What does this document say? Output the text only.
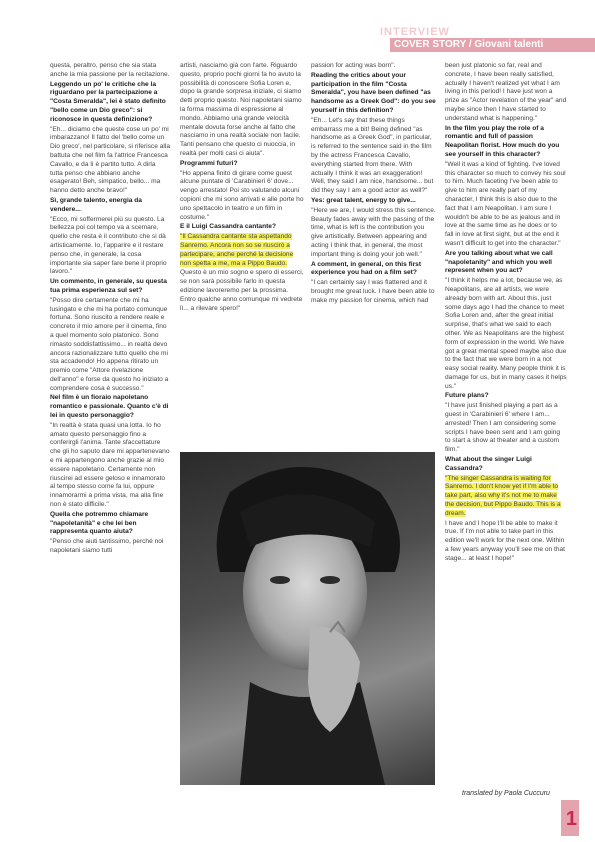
INTERVIEW
COVER STORY / Giovani talenti

questa, peraltro, penso che sia stata anche la mia passione per la recitazione.

Leggendo un po' le critiche che la riguardano per la partecipazione a "Costa Smeralda", lei è stato definito "bello come un Dio greco": si riconosce in questa definizione?

"Eh... diciamo che queste cose un po' mi imbarazzano! Il fatto del 'bello come un Dio greco', nel particolare, si riferisce alla battuta che nel film fa l'attrice Francesca Cavallo, e da lì è partito tutto. A dirla tutta penso che abbiano anche esagerato! Beh, simpatico, bello... ma hanno detto anche bravo!"

Sì, grande talento, energia da vendere...

"Ecco, mi soffermerei più su questo. La bellezza poi col tempo va a scemare, quello che resta è il contributo che si dà artisticamente. Io, l'apparire e il restare penso che, in generale, la cosa importante sia saper fare bene il proprio lavoro."

Un commento, in generale, su questa tua prima esperienza sul set?

"Posso dire certamente che mi ha lusingato e che mi ha portato comunque fortuna. Sono riuscito a rendere reale e concreto il mio amore per il cinema, fino a quel momento solo platonico. Sono rimasto soddisfattissimo... in realtà devo ancora razionalizzare tutto quello che mi sta accadendo! Ho appena ritirato un premio come "Attore rivelazione dell'anno" e forse da questo ho iniziato a comprendere cosa è successo."

Nel film è un fioraio napoletano romantico e passionale. Quanto c'è di lei in questo personaggio?

"In realtà è stata quasi una lotta. Io ho amato questo personaggio fino a conferirgli l'anima. Tante sfaccettature che gli ho saputo dare mi appartenevano e mi appartengono anche grazie al mio essere napoletano. Certamente non riuscirei ad essere geloso e innamorato al tempo stesso come fa lui, oppure innamorarmi a prima vista, ma alla fine non è stato difficile."

Quella che potremmo chiamare "napoletanità" e che lei ben rappresenta quanto aiuta?

"Penso che aiuti tantissimo, perché noi napoletani siamo tutti

artisti, nasciamo già con l'arte. Riguardo questo, proprio pochi giorni fa ho avuto la possibilità di conoscere Sofia Loren e, dopo la grande sorpresa iniziale, ci siamo detti proprio questo. Noi napoletani siamo la forma massima di espressione al mondo. Abbiamo una grande velocità mentale dovuta forse anche al fatto che nasciamo in una realtà sociale non facile. Tanti pensano che questo ci nuoccia, in realtà per molti casi ci aiuta".

Programmi futuri?

"Ho appena finito di girare come guest alcune puntate di 'Carabinieri 6' dove... vengo arrestato! Poi sto valutando alcuni copioni che mi sono arrivati e alle porte ho uno spettacolo in teatro e un film in costume."

E il Luigi Cassandra cantante?

"Il Cassandra cantante sta aspettando Sanremo. Ancora non so se riuscirò a partecipare, anche perché la decisione non spetta a me, ma a Pippo Baudo.

Questo è un mio sogno e spero di esserci, se non sarà possibile farlo in questa edizione lavoreremo per la prossima. Entro qualche anno comunque mi vedrete lì... a rilevare spero!"

passion for acting was born".

Reading the critics about your participation in the film "Costa Smeralda", you have been defined "as handsome as a Greek God": do you see yourself in this definition?

"Eh... Let's say that these things embarrass me a bit! Being defined "as handsome as a Greek God", in particular, is referred to the sentence said in the film by the actress Francesca Cavallo, everything started from there. With actually I think it was an exaggeration! Well, they said I am nice, handsome... but did they say I am a good actor as well?"

Yes: great talent, energy to give...

"Here we are, I would stress this sentence. Beauty fades away with the passing of the time, what is left is the contribution you give artistically. Between appearing and acting I think that, in general, the most important thing is doing your job well."

A comment, in general, on this first experience you had on a film set?

"I can certainly say I was flattered and it brought me great luck. I have been able to make my passion for cinema, which had

been just platonic so far, real and concrete, I have been really satisfied, actually I haven't realized yet what I am living in this period! I have just won a prize as "Actor revelation of the year" and maybe since then I have started to understand what is happening."

In the film you play the role of a romantic and full of passion Neapolitan florist. How much do you see yourself in this character?

"Well it was a kind of fighting. I've loved this character so much to convey his soul to him. Much faceting I've been able to give to him are really part of my character, I think this is also due to the fact that I am Neapolitan. I am sure I wouldn't be able to be as jealous and in love at the same time as he does or to fall in love at first sight, but at the end it wasn't difficult to get into the character."

Are you talking about what we call "napoletanity" and which you well represent when you act?

"I think it helps me a lot, because we, as Neapolitans, are all artists, we were already born with art. About this, just some days ago I had the chance to meet Sofia Loren and, after the great initial surprise, that's what we said to each other. We as Neapolitans are the highest form of expression in the world. We have got a great mental speed maybe also due to the fact that we were born in a not easy social reality. Many people think it is damage for us, but in many cases it helps us."

Future plans?

"I have just finished playing a part as a guest in 'Carabinieri 6' where I am... arrested! Then I am considering some scripts I have been sent and I am going to start a show at theater and a custom film."

What about the singer Luigi Cassandra?

"The singer Cassandra is waiting for Sanremo. I don't know yet if I'm able to take part, also why it's not me to make the decision, but Pippo Baudo. This is a dream.

I have and I hope I'll be able to make it true. If I'm not able to take part in this edition we'll work for the next one. Within a few years anyway you'll see me on that stage... at least I hope!"

translated by Paola Cuccuru
1
